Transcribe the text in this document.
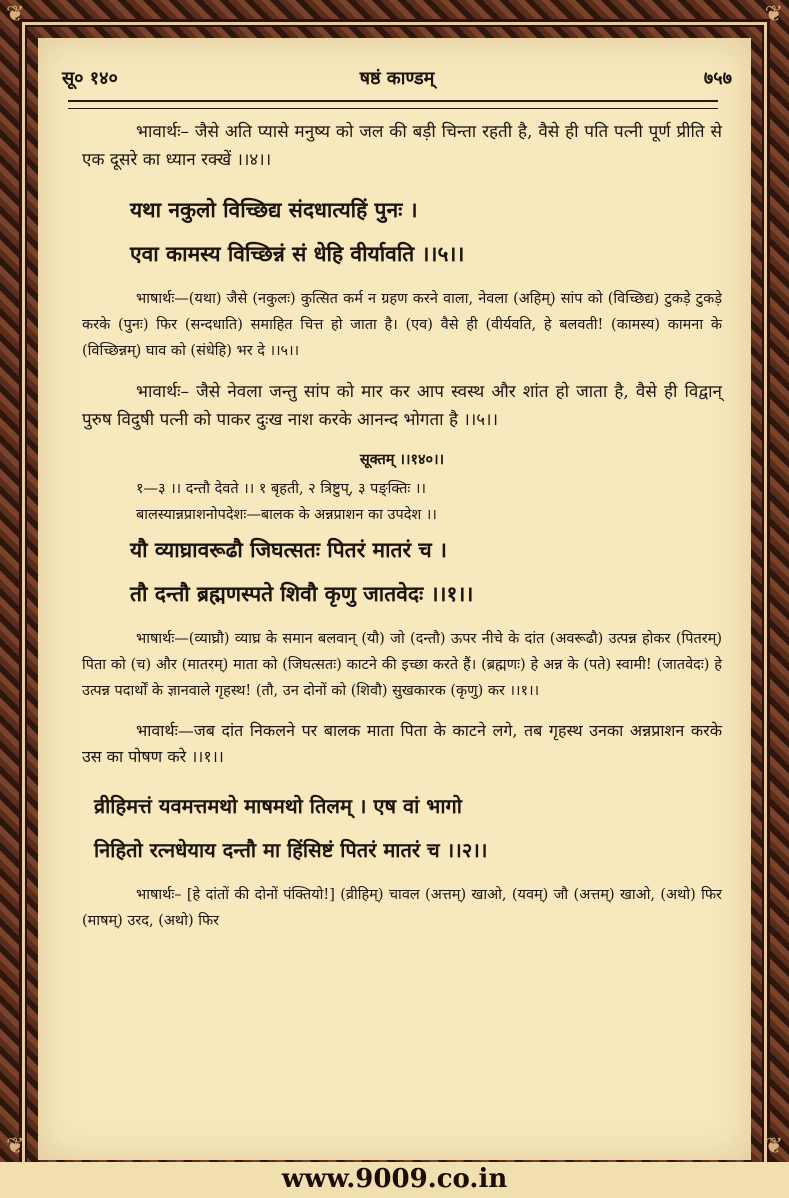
❦	❦
❦	❦
सू० १४०	षष्ठं काण्डम्	७५७

भावार्थः– जैसे अति प्यासे मनुष्य को जल की बड़ी चिन्ता रहती है, वैसे ही पति पत्नी पूर्ण प्रीति से एक दूसरे का ध्यान रक्खें ।।४।।

यथा नकुलो विच्छिद्य संदधात्यहिं पुनः ।

एवा कामस्य विच्छिन्नं सं धेहि वीर्यावति ।।५।।

भाषार्थः—(यथा) जैसे (नकुलः) कुत्सित कर्म न ग्रहण करने वाला, नेवला (अहिम्) सांप को (विच्छिद्य) टुकड़े टुकड़े करके (पुनः) फिर (सन्दधाति) समाहित चित्त हो जाता है। (एव) वैसे ही (वीर्यवति, हे बलवती! (कामस्य) कामना के (विच्छिन्नम्) घाव को (संधेहि) भर दे ।।५।।

भावार्थः– जैसे नेवला जन्तु सांप को मार कर आप स्वस्थ और शांत हो जाता है, वैसे ही विद्वान् पुरुष विदुषी पत्नी को पाकर दुःख नाश करके आनन्द भोगता है ।।५।।

सूक्तम् ।।१४०।।

१—३ ।। दन्तौ देवते ।। १ बृहती, २ त्रिष्टुप्, ३ पङ्क्तिः ।।

बालस्यान्नप्राशनोपदेशः—बालक के अन्नप्राशन का उपदेश ।।

यौ व्याघ्रावरूढौ जिघत्सतः पितरं मातरं च ।

तौ दन्तौ ब्रह्मणस्पते शिवौ कृणु जातवेदः ।।१।।

भाषार्थः—(व्याघ्रौ) व्याघ्र के समान बलवान् (यौ) जो (दन्तौ) ऊपर नीचे के दांत (अवरूढौ) उत्पन्न होकर (पितरम्) पिता को (च) और (मातरम्) माता को (जिघत्सतः) काटने की इच्छा करते हैं। (ब्रह्मणः) हे अन्न के (पते) स्वामी! (जातवेदः) हे उत्पन्न पदार्थों के ज्ञानवाले गृहस्थ! (तौ, उन दोनों को (शिवौ) सुखकारक (कृणु) कर ।।१।।

भावार्थः—जब दांत निकलने पर बालक माता पिता के काटने लगे, तब गृहस्थ उनका अन्नप्राशन करके उस का पोषण करे ।।१।।

व्रीहिमत्तं यवमत्तमथो माषमथो तिलम् । एष वां भागो

निहितो रत्नधेयाय दन्तौ मा हिंसिष्टं पितरं मातरं च ।।२।।

भाषार्थः– [हे दांतों की दोनों पंक्तियो!] (व्रीहिम्) चावल (अत्तम्) खाओ, (यवम्) जौ (अत्तम्) खाओ, (अथो) फिर (माषम्) उरद, (अथो) फिर

www.9009.co.in
